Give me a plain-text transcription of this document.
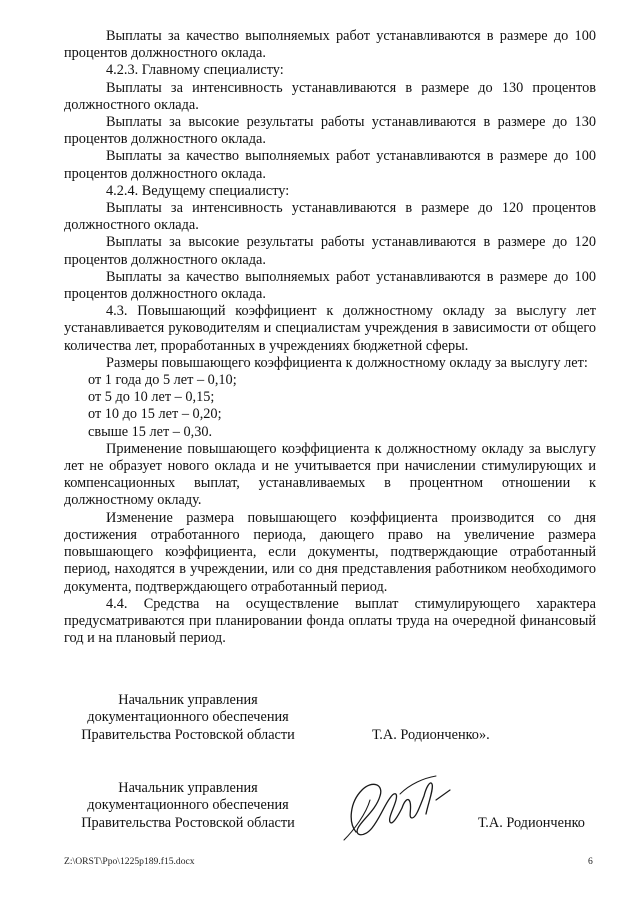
Выплаты за качество выполняемых работ устанавливаются в размере до 100 процентов должностного оклада.

4.2.3. Главному специалисту:

Выплаты за интенсивность устанавливаются в размере до 130 процентов должностного оклада.

Выплаты за высокие результаты работы устанавливаются в размере до 130 процентов должностного оклада.

Выплаты за качество выполняемых работ устанавливаются в размере до 100 процентов должностного оклада.

4.2.4. Ведущему специалисту:

Выплаты за интенсивность устанавливаются в размере до 120 процентов должностного оклада.

Выплаты за высокие результаты работы устанавливаются в размере до 120 процентов должностного оклада.

Выплаты за качество выполняемых работ устанавливаются в размере до 100 процентов должностного оклада.

4.3. Повышающий коэффициент к должностному окладу за выслугу лет устанавливается руководителям и специалистам учреждения в зависимости от общего количества лет, проработанных в учреждениях бюджетной сферы.

Размеры повышающего коэффициента к должностному окладу за выслугу лет:

от 1 года до 5 лет – 0,10;

от 5 до 10 лет – 0,15;

от 10 до 15 лет – 0,20;

свыше 15 лет – 0,30.

Применение повышающего коэффициента к должностному окладу за выслугу лет не образует нового оклада и не учитывается при начислении стимулирующих и компенсационных выплат, устанавливаемых в процентном отношении к должностному окладу.

Изменение размера повышающего коэффициента производится со дня достижения отработанного периода, дающего право на увеличение размера повышающего коэффициента, если документы, подтверждающие отработанный период, находятся в учреждении, или со дня представления работником необходимого документа, подтверждающего отработанный период.

4.4. Средства на осуществление выплат стимулирующего характера предусматриваются при планировании фонда оплаты труда на очередной финансовый год и на плановый период.

Начальник управления
документационного обеспечения
Правительства Ростовской области	Т.А. Родионченко».
Начальник управления
документационного обеспечения
Правительства Ростовской области	Т.А. Родионченко
Z:\ORST\Ppo\1225p189.f15.docx	6
